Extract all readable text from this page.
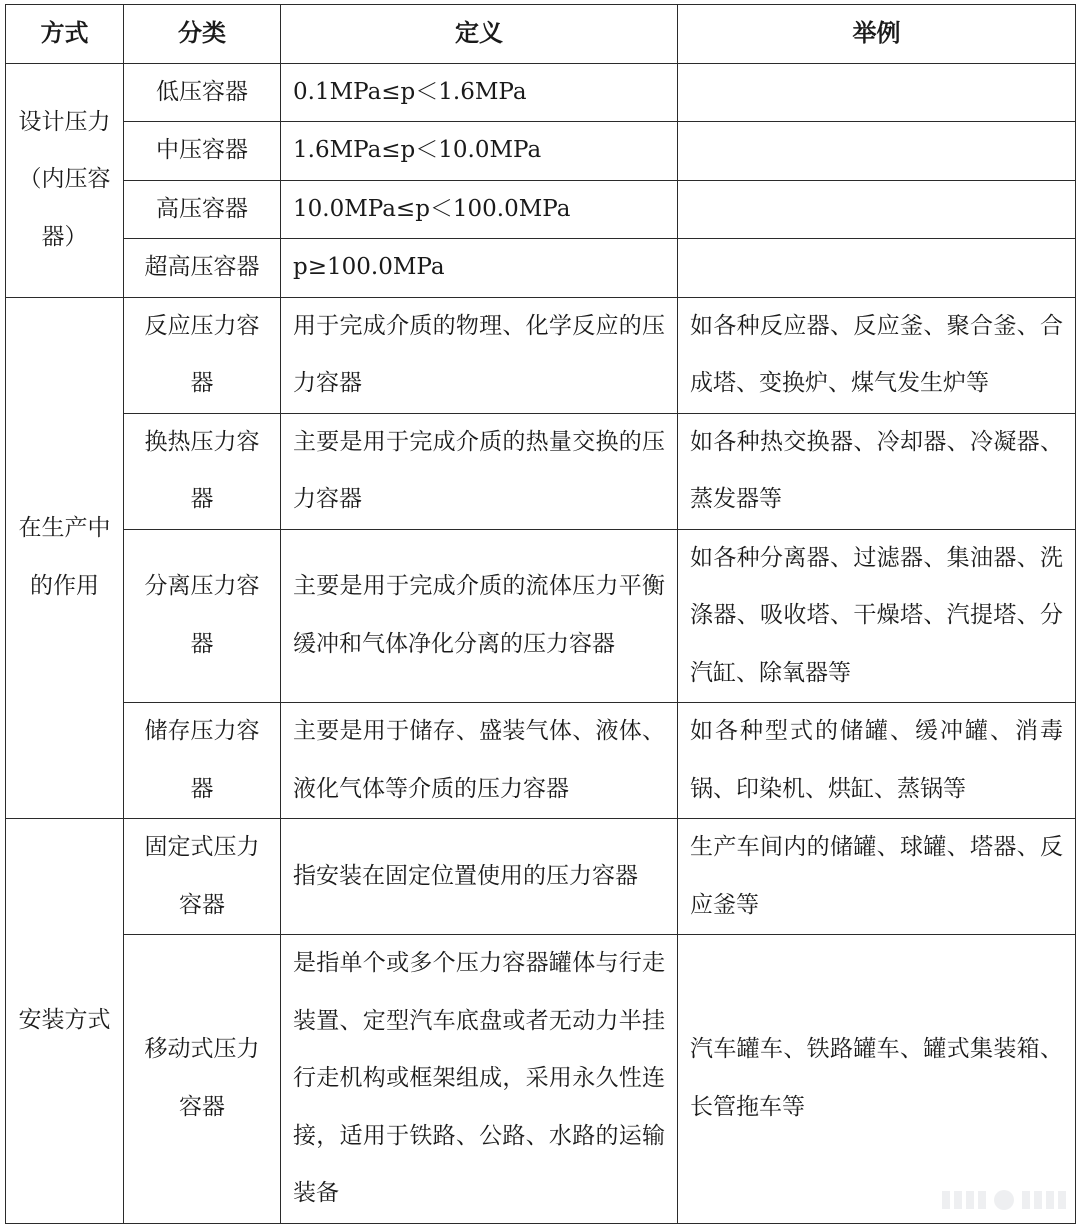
方式	分类	定义	举例
设计压力（内压容器）	低压容器	0.1MPa≤p＜1.6MPa	
	中压容器	1.6MPa≤p＜10.0MPa	
	高压容器	10.0MPa≤p＜100.0MPa	
	超高压容器	p≥100.0MPa	
在生产中的作用	反应压力容器	用于完成介质的物理、化学反应的压力容器	如各种反应器、反应釜、聚合釜、合成塔、变换炉、煤气发生炉等
	换热压力容器	主要是用于完成介质的热量交换的压力容器	如各种热交换器、冷却器、冷凝器、蒸发器等
	分离压力容器	主要是用于完成介质的流体压力平衡缓冲和气体净化分离的压力容器	如各种分离器、过滤器、集油器、洗涤器、吸收塔、干燥塔、汽提塔、分汽缸、除氧器等
	储存压力容器	主要是用于储存、盛装气体、液体、液化气体等介质的压力容器	如各种型式的储罐、缓冲罐、消毒锅、印染机、烘缸、蒸锅等
安装方式	固定式压力容器	指安装在固定位置使用的压力容器	生产车间内的储罐、球罐、塔器、反应釜等
	移动式压力容器	是指单个或多个压力容器罐体与行走装置、定型汽车底盘或者无动力半挂行走机构或框架组成，采用永久性连接，适用于铁路、公路、水路的运输装备	汽车罐车、铁路罐车、罐式集装箱、长管拖车等
